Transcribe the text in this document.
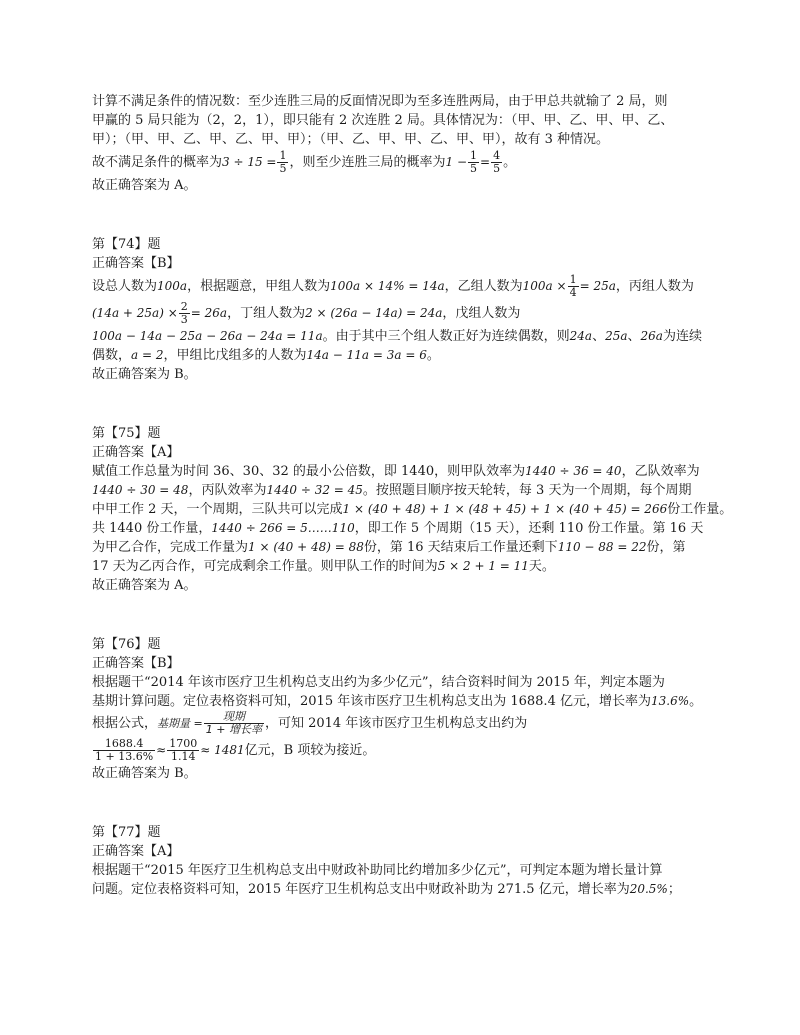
计算不满足条件的情况数：至少连胜三局的反面情况即为至多连胜两局，由于甲总共就输了 2 局，则
甲赢的 5 局只能为（2，2，1），即只能有 2 次连胜 2 局。具体情况为：（甲、甲、乙、甲、甲、乙、
甲）；（甲、甲、乙、甲、乙、甲、甲）；（甲、乙、甲、甲、乙、甲、甲），故有 3 种情况。
故不满足条件的概率为$3 \div 15 = \frac{1}{5}$ ，则至少连胜三局的概率为$1 - \frac{1}{5} = \frac{4}{5}$ 。
故正确答案为 A。
第【74】题
正确答案【B】
设总人数为100a，根据题意，甲组人数为100a × 14% = 14a，乙组人数为$100a \times \frac{1}{4} = 25a$，丙组人数为
$(14a + 25a) \times \frac{2}{3} = 26a$，丁组人数为2 × (26a − 14a) = 24a，戊组人数为
100a − 14a − 25a − 26a − 24a = 11a。由于其中三个组人数正好为连续偶数，则24a、25a、26a为连续
偶数，a = 2，甲组比戊组多的人数为14a − 11a = 3a = 6。
故正确答案为 B。
第【75】题
正确答案【A】
赋值工作总量为时间 36、30、32 的最小公倍数，即 1440，则甲队效率为1440 ÷ 36 = 40，乙队效率为
1440 ÷ 30 = 48，丙队效率为1440 ÷ 32 = 45。按照题目顺序按天轮转，每 3 天为一个周期，每个周期
中甲工作 2 天，一个周期，三队共可以完成1 × (40 + 48) + 1 × (48 + 45) + 1 × (40 + 45) = 266份工作量。
共 1440 份工作量，1440 ÷ 266 = 5……110，即工作 5 个周期（15 天），还剩 110 份工作量。第 16 天
为甲乙合作，完成工作量为1 × (40 + 48) = 88份，第 16 天结束后工作量还剩下110 − 88 = 22份，第
17 天为乙丙合作，可完成剩余工作量。则甲队工作的时间为5 × 2 + 1 = 11天。
故正确答案为 A。
第【76】题
正确答案【B】
根据题干“2014 年该市医疗卫生机构总支出约为多少亿元”，结合资料时间为 2015 年，判定本题为
基期计算问题。定位表格资料可知，2015 年该市医疗卫生机构总支出为 1688.4 亿元，增长率为13.6%。
根据公式，基期量 = $\frac{\text{现期}}{\text{1 + 增长率}}$ ，可知 2014 年该市医疗卫生机构总支出约为
$\frac{1688.4}{1 + 13.6\%} \approx \frac{1700}{1.14} \approx 1481$亿元，B 项较为接近。
故正确答案为 B。
第【77】题
正确答案【A】
根据题干“2015 年医疗卫生机构总支出中财政补助同比约增加多少亿元”，可判定本题为增长量计算
问题。定位表格资料可知，2015 年医疗卫生机构总支出中财政补助为 271.5 亿元，增长率为20.5%；
